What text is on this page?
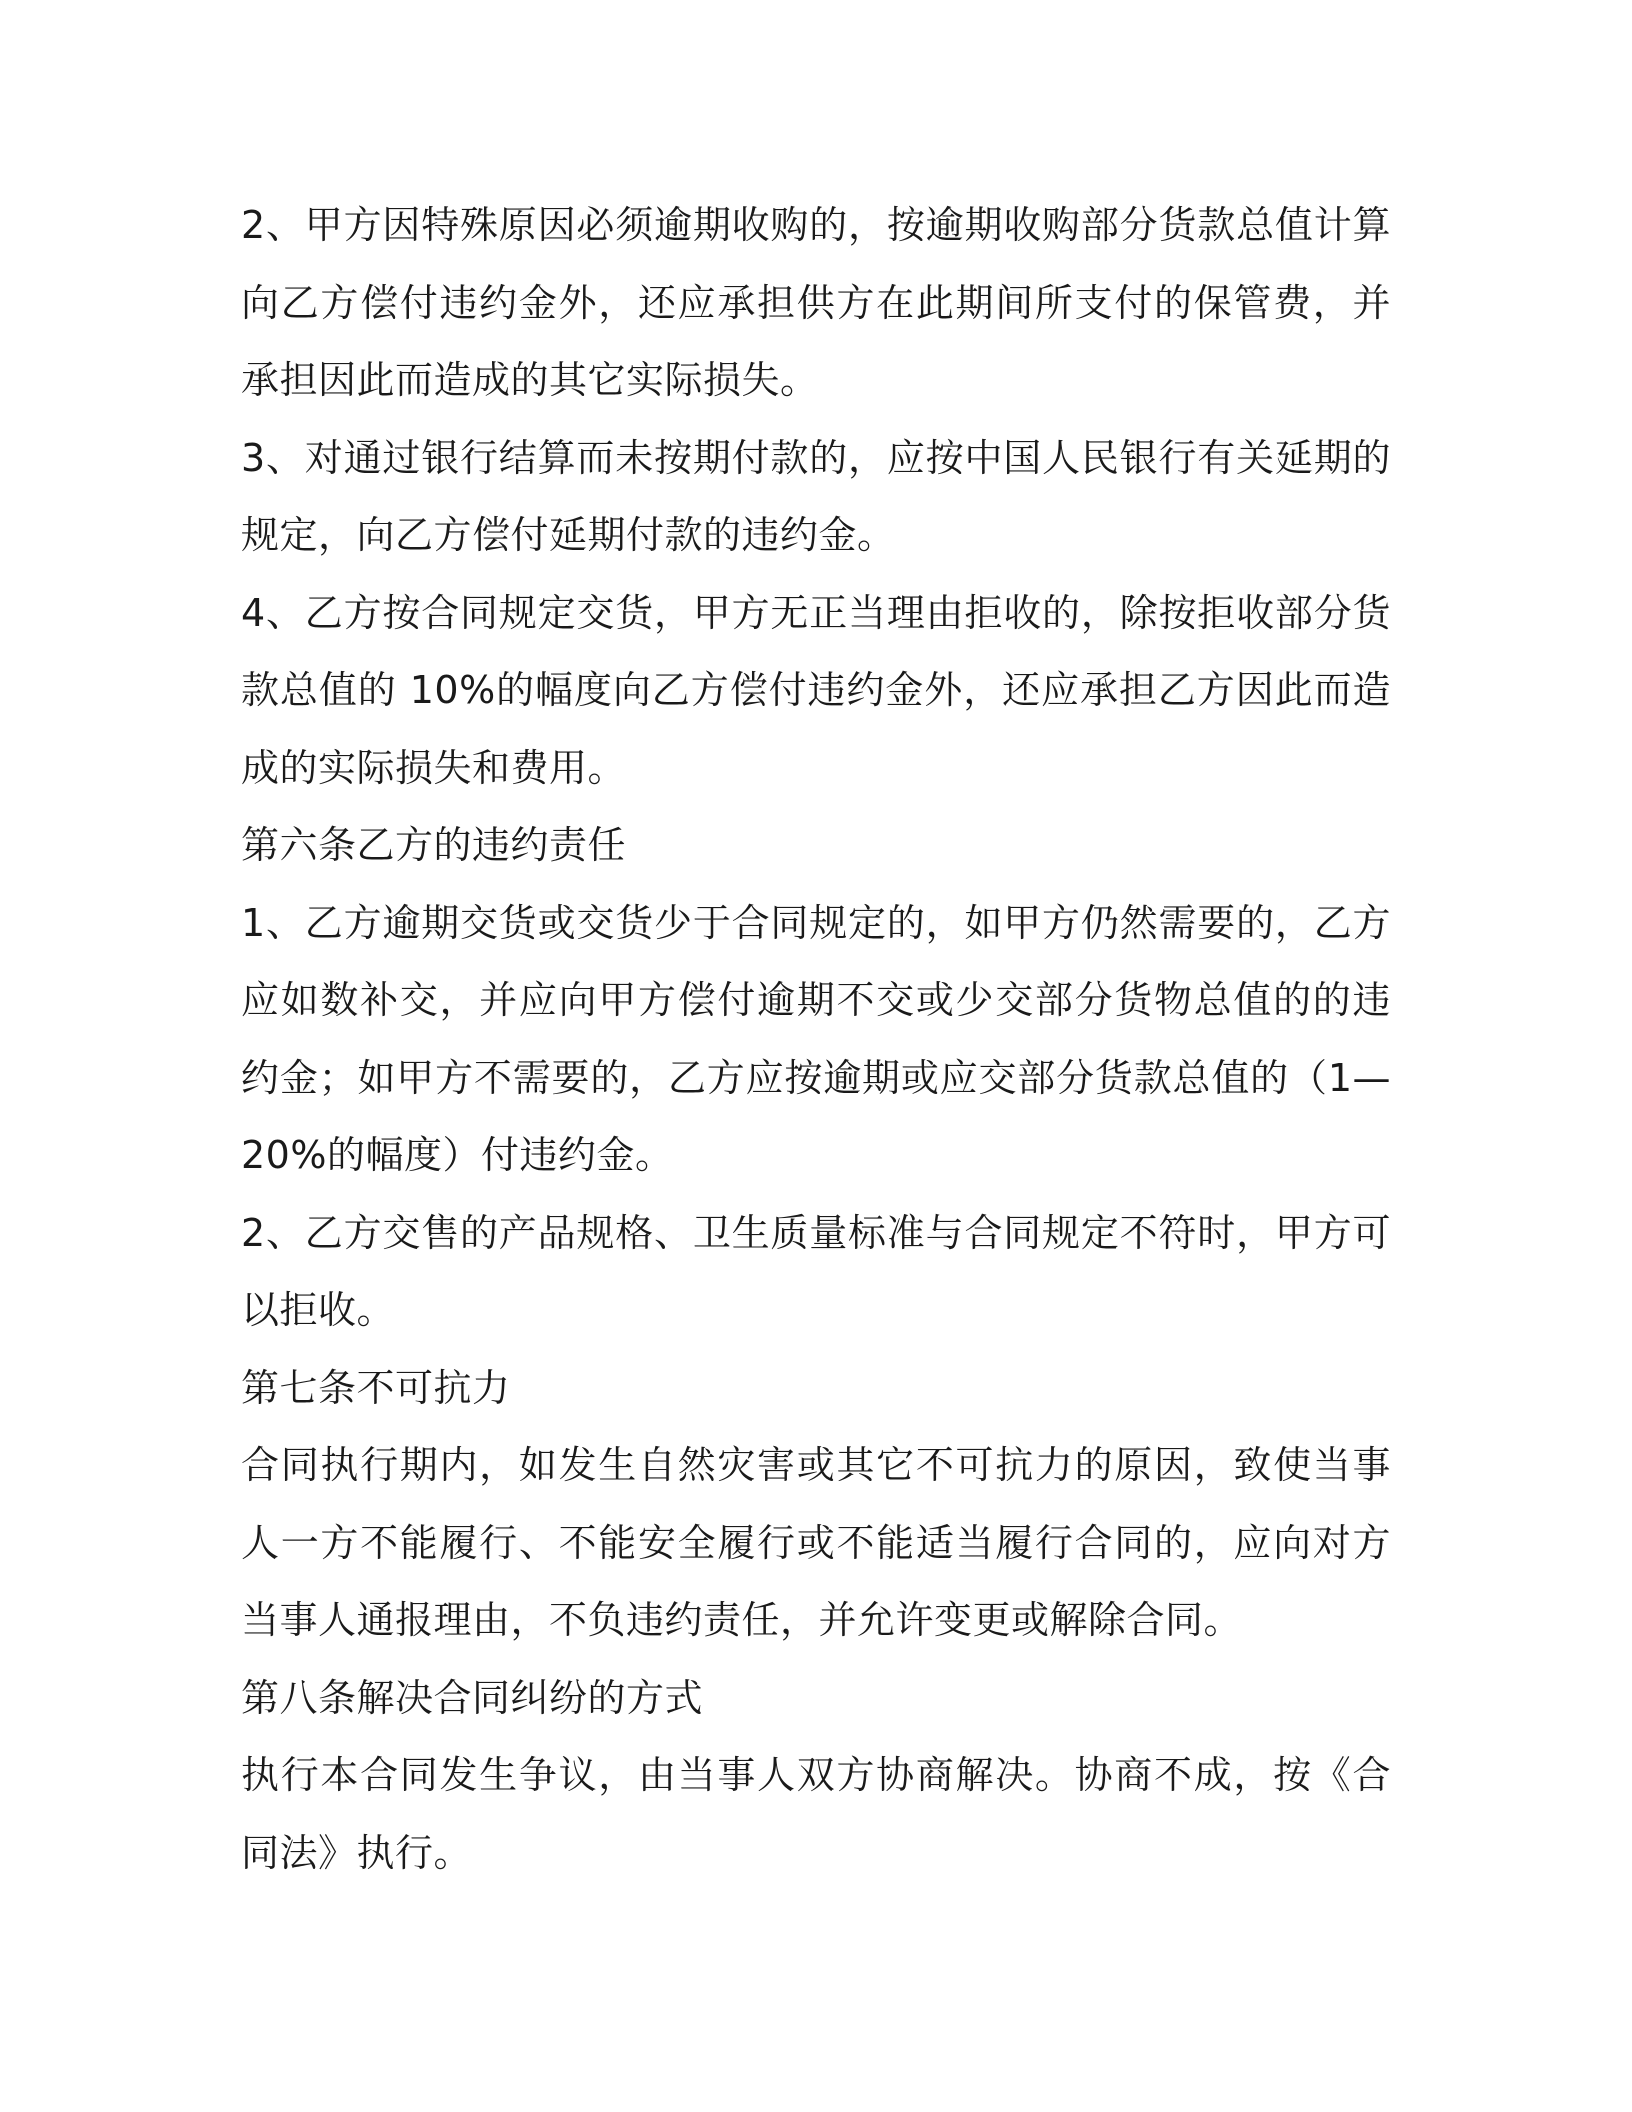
2、甲方因特殊原因必须逾期收购的，按逾期收购部分货款总值计算向乙方偿付违约金外，还应承担供方在此期间所支付的保管费，并承担因此而造成的其它实际损失。

3、对通过银行结算而未按期付款的，应按中国人民银行有关延期的规定，向乙方偿付延期付款的违约金。

4、乙方按合同规定交货，甲方无正当理由拒收的，除按拒收部分货款总值的 10%的幅度向乙方偿付违约金外，还应承担乙方因此而造成的实际损失和费用。

第六条乙方的违约责任

1、乙方逾期交货或交货少于合同规定的，如甲方仍然需要的，乙方应如数补交，并应向甲方偿付逾期不交或少交部分货物总值的的违约金；如甲方不需要的，乙方应按逾期或应交部分货款总值的（1—20%的幅度）付违约金。

2、乙方交售的产品规格、卫生质量标准与合同规定不符时，甲方可以拒收。

第七条不可抗力

合同执行期内，如发生自然灾害或其它不可抗力的原因，致使当事人一方不能履行、不能安全履行或不能适当履行合同的，应向对方当事人通报理由，不负违约责任，并允许变更或解除合同。

第八条解决合同纠纷的方式

执行本合同发生争议，由当事人双方协商解决。协商不成，按《合同法》执行。
